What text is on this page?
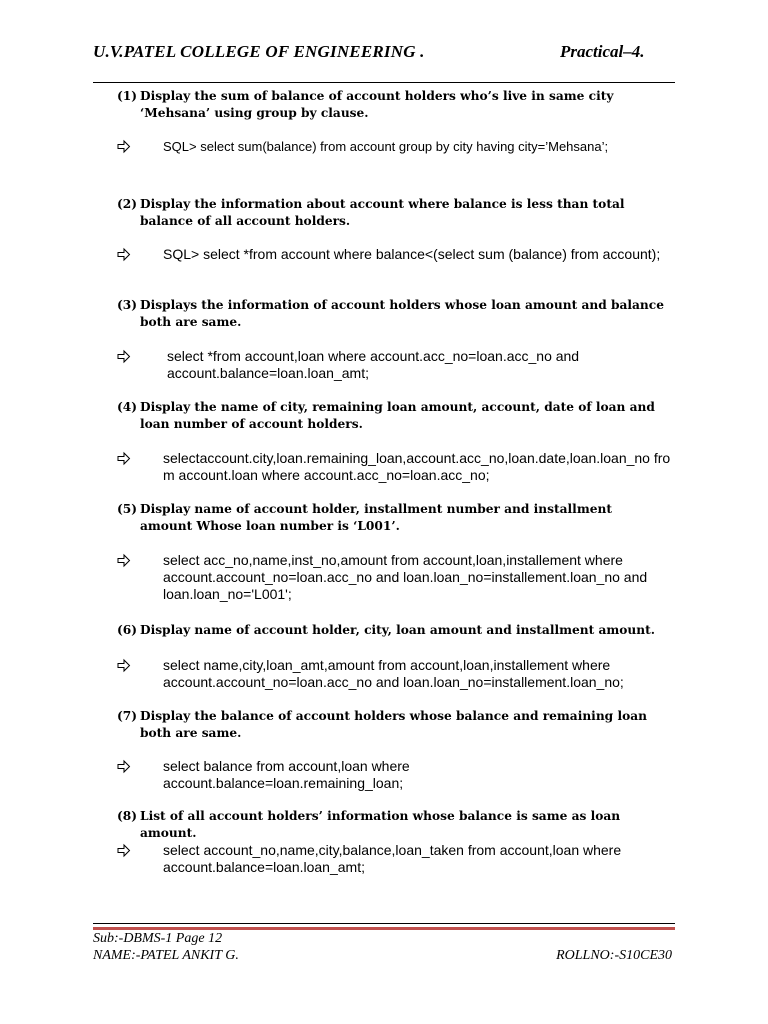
U.V.PATEL COLLEGE OF ENGINEERING .	Practical–4.
(1) Display the sum of balance of account holders who’s live in same city ‘Mehsana’ using group by clause.
SQL> select sum(balance) from account group by city having city=’Mehsana’;
(2) Display the information about account where balance is less than total balance of all account holders.
SQL> select *from account where balance<(select sum (balance) from account);
(3) Displays the information of account holders whose loan amount and balance both are same.
select *from account,loan where account.acc_no=loan.acc_no and account.balance=loan.loan_amt;
(4) Display the name of city, remaining loan amount, account, date of loan and loan number of account holders.
selectaccount.city,loan.remaining_loan,account.acc_no,loan.date,loan.loan_no from account.loan where account.acc_no=loan.acc_no;
(5) Display name of account holder, installment number and installment amount Whose loan number is ‘L001’.
select acc_no,name,inst_no,amount from account,loan,installement where account.account_no=loan.acc_no and loan.loan_no=installement.loan_no and loan.loan_no='L001';
(6) Display name of account holder, city, loan amount and installment amount.
select name,city,loan_amt,amount from account,loan,installement where account.account_no=loan.acc_no and loan.loan_no=installement.loan_no;
(7) Display the balance of account holders whose balance and remaining loan both are same.
select balance from account,loan where account.balance=loan.remaining_loan;
(8) List of all account holders’ information whose balance is same as loan amount.
select account_no,name,city,balance,loan_taken from account,loan where account.balance=loan.loan_amt;
Sub:-DBMS-1 Page 12
NAME:-PATEL ANKIT G.	ROLLNO:-S10CE30
